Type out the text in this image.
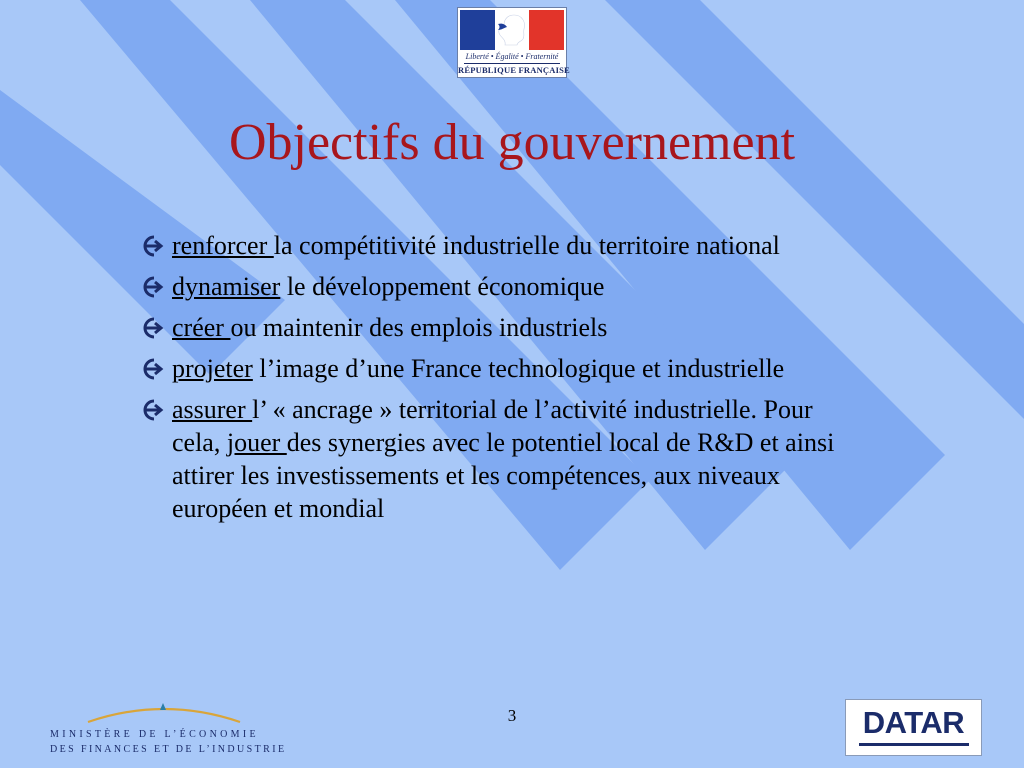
Liberté • Égalité • Fraternité
RÉPUBLIQUE FRANÇAISE
Objectifs du gouvernement
renforcer la compétitivité industrielle du territoire national
dynamiser le développement économique
créer ou maintenir des emplois industriels
projeter l’image d’une France technologique et industrielle
assurer l’ « ancrage » territorial de l’activité industrielle. Pour cela, jouer des synergies avec le potentiel local de R&D et ainsi attirer les investissements et les compétences, aux niveaux européen et mondial
3
MINISTÈRE DE L’ÉCONOMIE
DES FINANCES ET DE L’INDUSTRIE
DATAR
